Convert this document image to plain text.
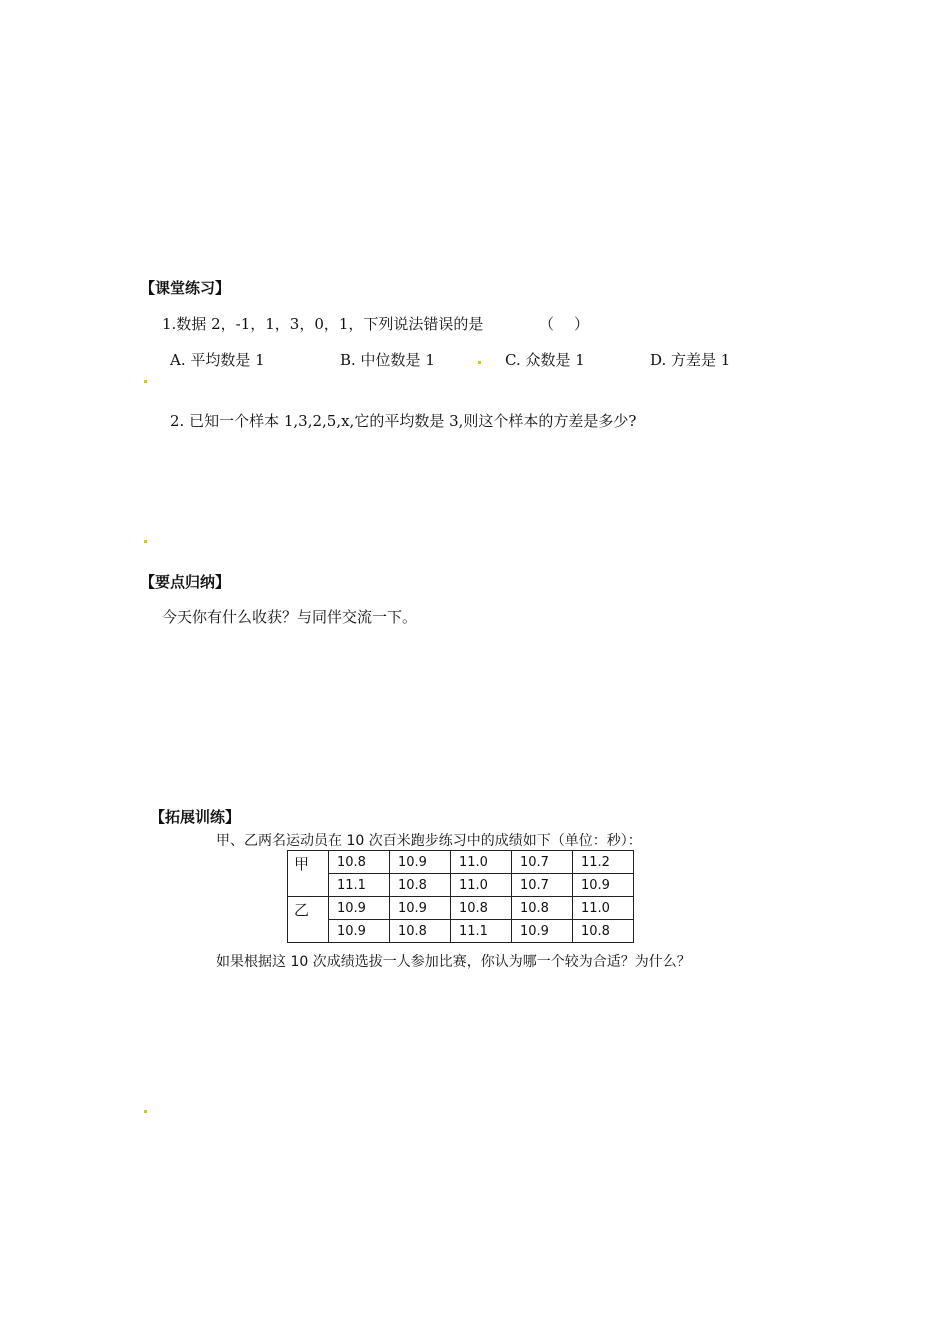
【课堂练习】
1.数据 2，-1，1，3，0，1，下列说法错误的是	（ ）
A. 平均数是 1	B. 中位数是 1	C. 众数是 1	D. 方差是 1
2. 已知一个样本 1,3,2,5,x,它的平均数是 3,则这个样本的方差是多少?
【要点归纳】
今天你有什么收获？与同伴交流一下。
【拓展训练】
甲、乙两名运动员在 10 次百米跑步练习中的成绩如下（单位：秒）：
甲	10.8	10.9	11.0	10.7	11.2
	11.1	10.8	11.0	10.7	10.9
乙	10.9	10.9	10.8	10.8	11.0
	10.9	10.8	11.1	10.9	10.8
如果根据这 10 次成绩选拔一人参加比赛，你认为哪一个较为合适？为什么？
